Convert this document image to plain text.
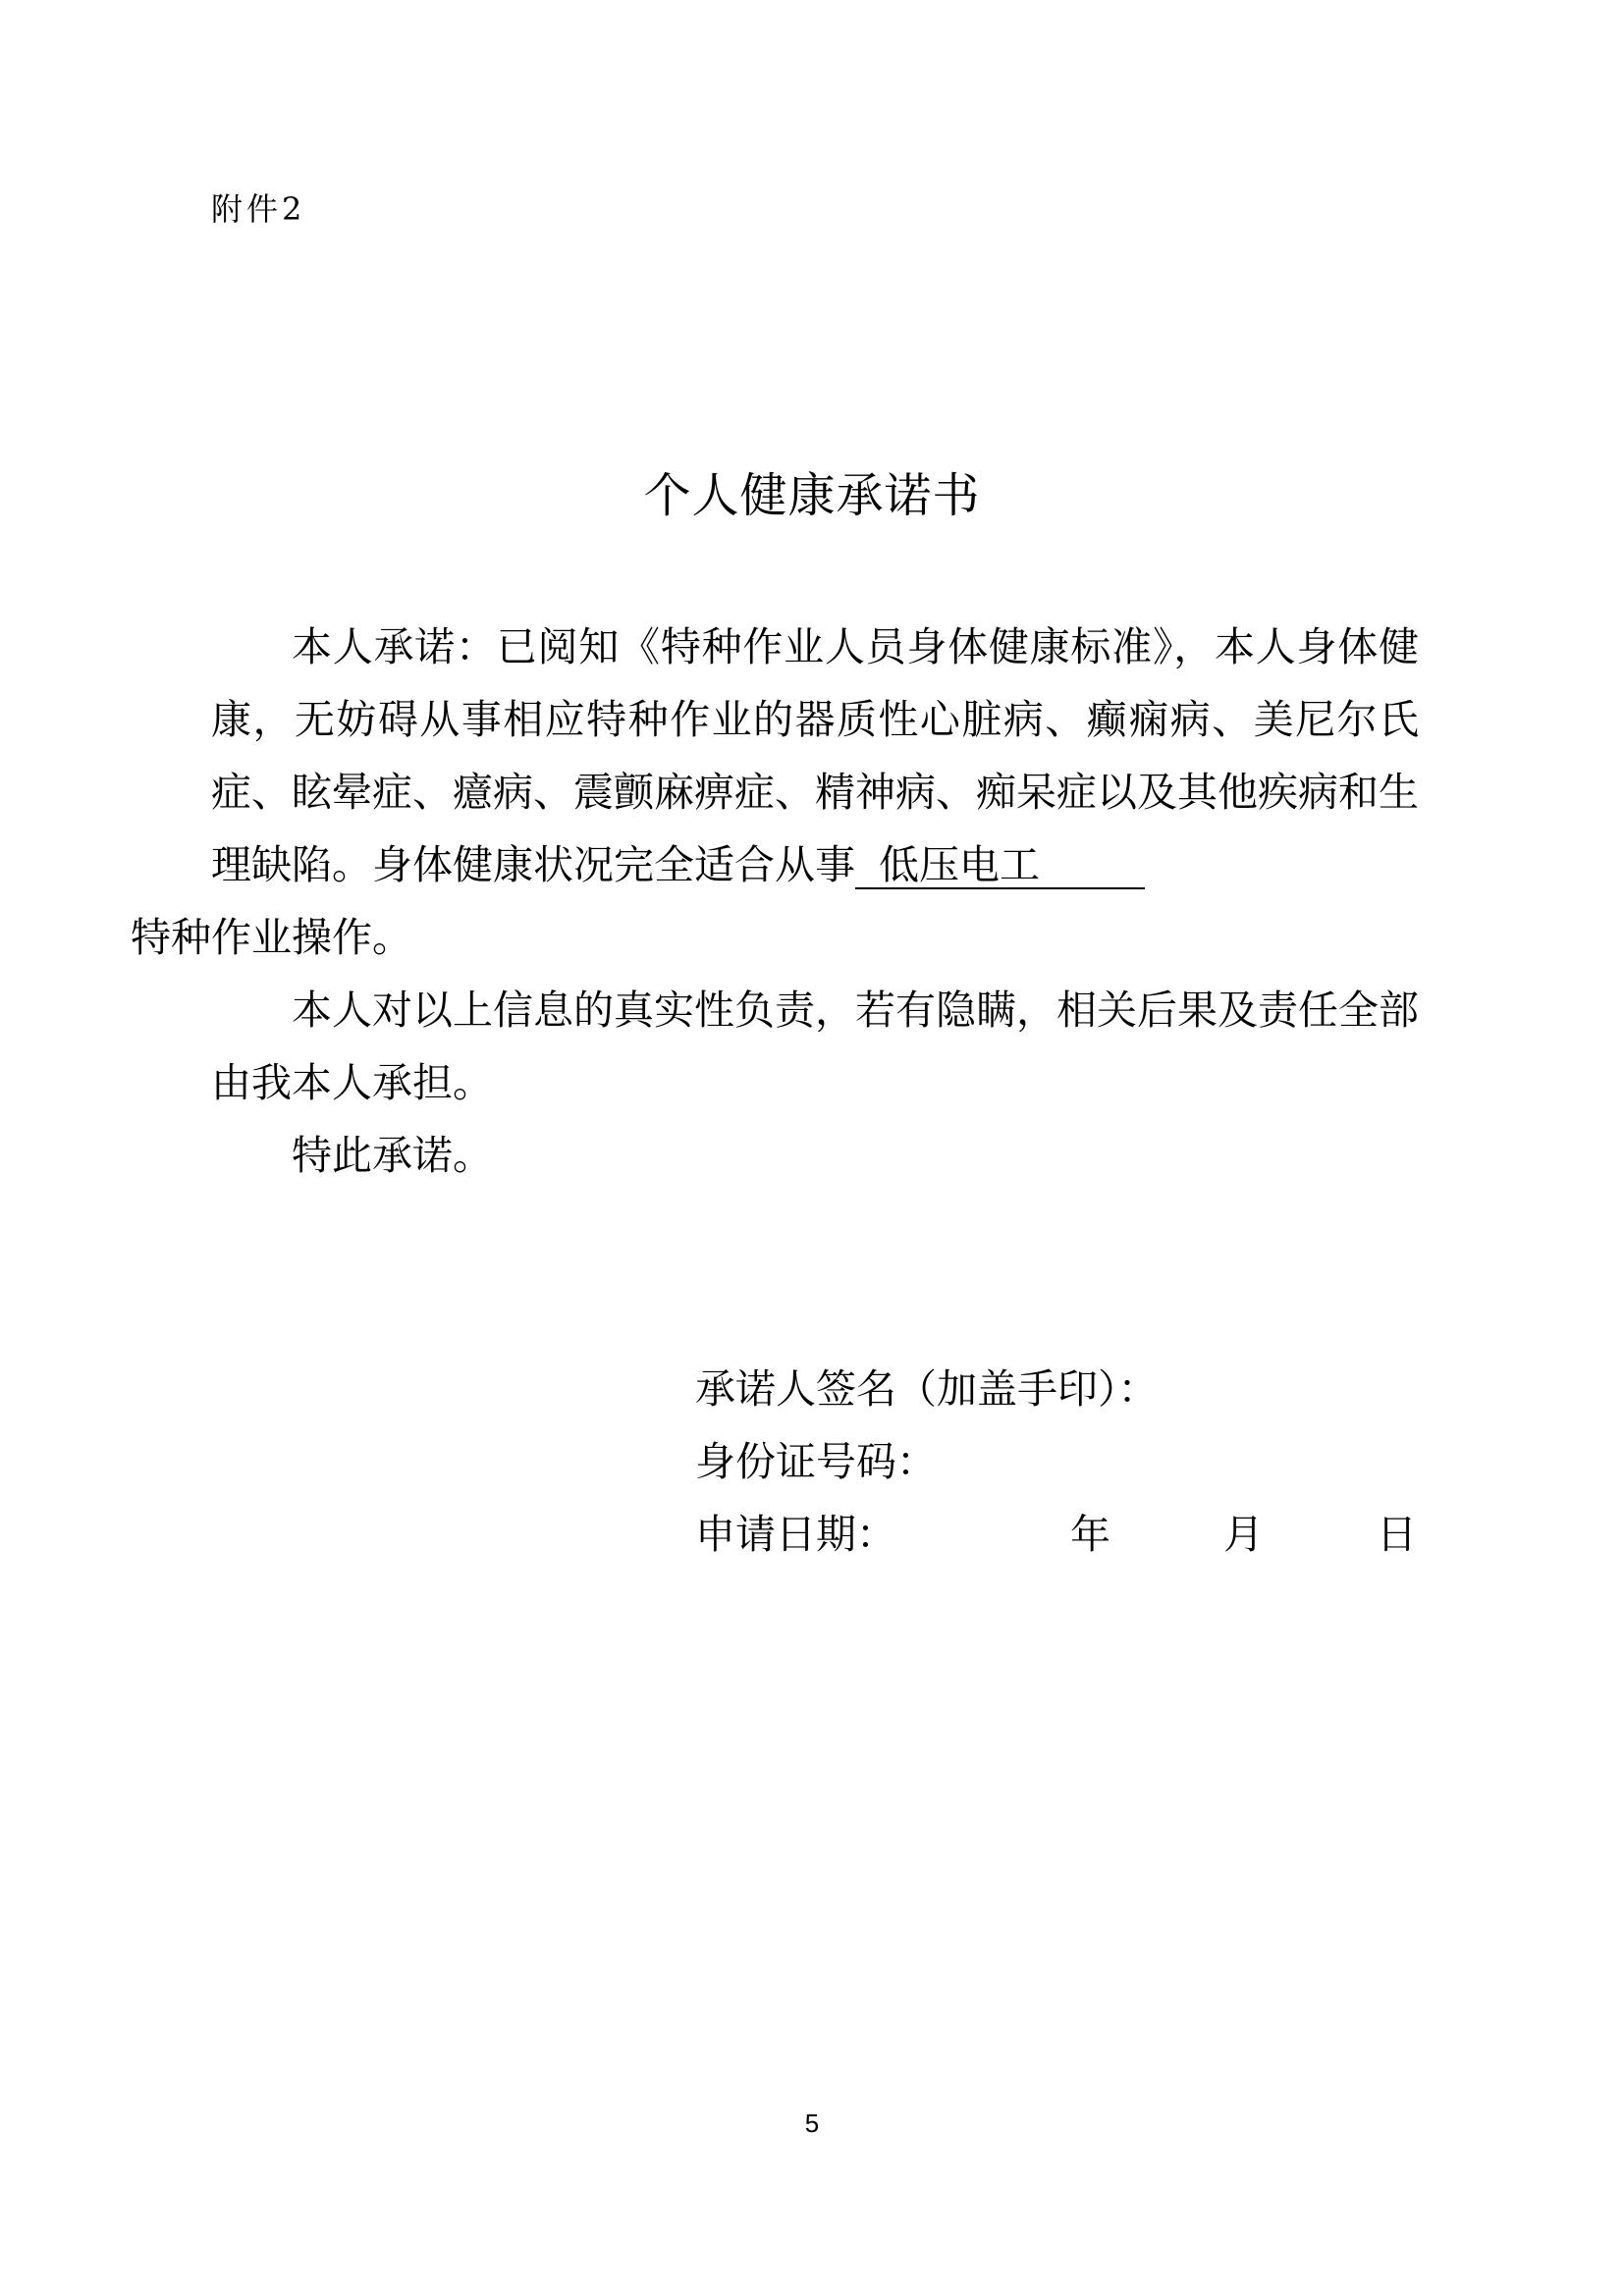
附件2
个人健康承诺书

本人承诺：已阅知《特种作业人员身体健康标准》，本人身体健康，无妨碍从事相应特种作业的器质性心脏病、癫痫病、美尼尔氏症、眩晕症、癔病、震颤麻痹症、精神病、痴呆症以及其他疾病和生理缺陷。身体健康状况完全适合从事 低压电工
特种作业操作。

本人对以上信息的真实性负责，若有隐瞒，相关后果及责任全部由我本人承担。

特此承诺。

承诺人签名（加盖手印）：
身份证号码：
申请日期：	年	月	日
5
